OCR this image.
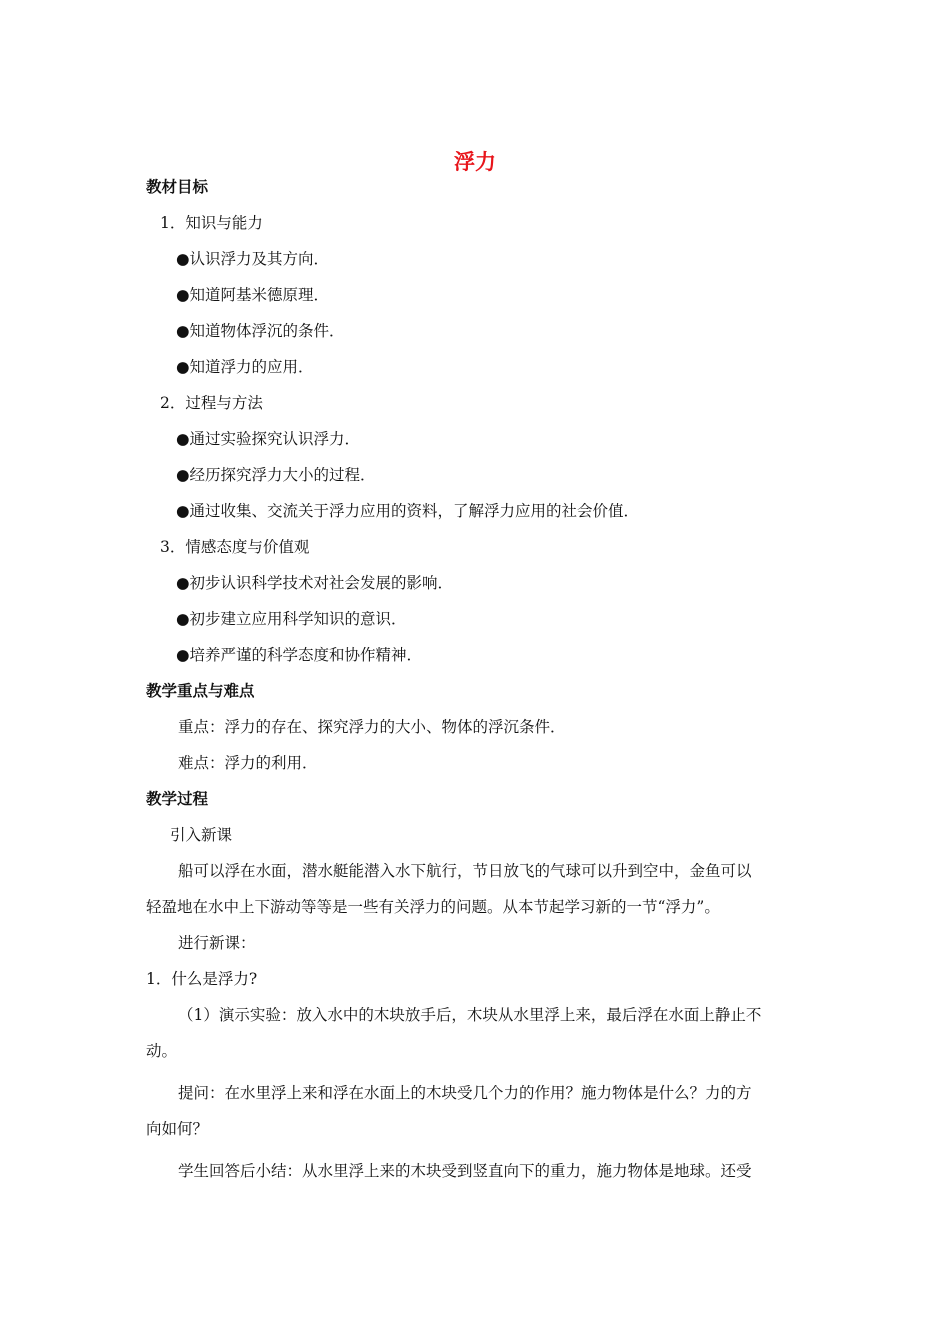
浮力
教材目标
1．知识与能力
●认识浮力及其方向．
●知道阿基米德原理．
●知道物体浮沉的条件．
●知道浮力的应用．
2．过程与方法
●通过实验探究认识浮力．
●经历探究浮力大小的过程．
●通过收集、交流关于浮力应用的资料，了解浮力应用的社会价值．
3．情感态度与价值观
●初步认识科学技术对社会发展的影响．
●初步建立应用科学知识的意识．
●培养严谨的科学态度和协作精神．
教学重点与难点
重点：浮力的存在、探究浮力的大小、物体的浮沉条件．
难点：浮力的利用．
教学过程
引入新课
船可以浮在水面，潜水艇能潜入水下航行，节日放飞的气球可以升到空中，金鱼可以
轻盈地在水中上下游动等等是一些有关浮力的问题。从本节起学习新的一节“浮力”。
进行新课：
1．什么是浮力?
（1）演示实验：放入水中的木块放手后，木块从水里浮上来，最后浮在水面上静止不
动。
提问：在水里浮上来和浮在水面上的木块受几个力的作用？施力物体是什么？力的方
向如何？
学生回答后小结：从水里浮上来的木块受到竖直向下的重力，施力物体是地球。还受
